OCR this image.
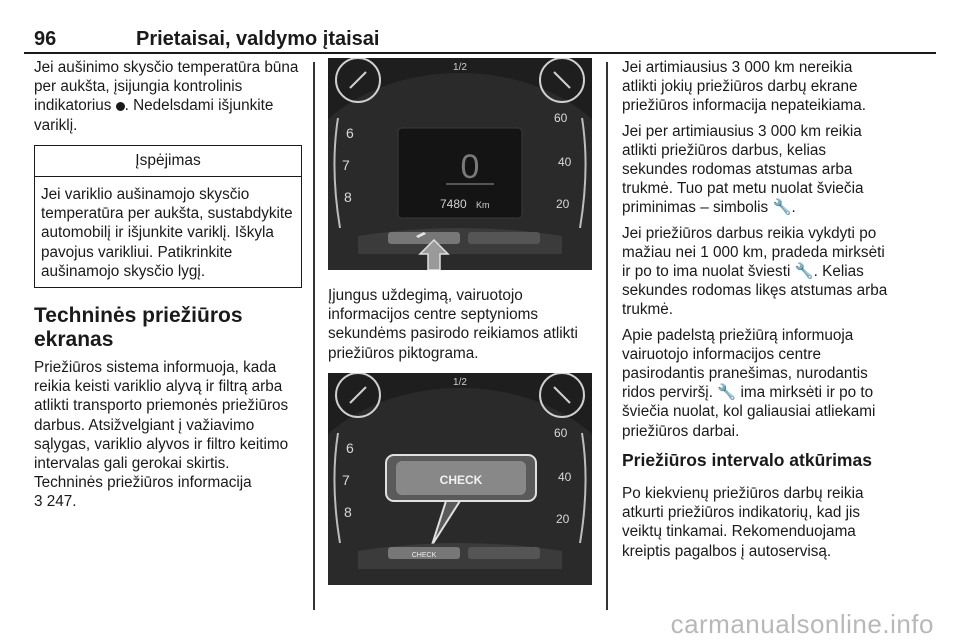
96	Prietaisai, valdymo įtaisai

Jei aušinimo skysčio temperatūra būna per aukšta, įsijungia kontrolinis indikatorius . Nedelsdami išjunkite variklį.

Įspėjimas
Jei variklio aušinamojo skysčio temperatūra per aukšta, sustabdykite automobilį ir išjunkite variklį. Iškyla pavojus varikliui. Patikrinkite aušinamojo skysčio lygį.
Techninės priežiūros ekranas

Priežiūros sistema informuoja, kada reikia keisti variklio alyvą ir filtrą arba atlikti transporto priemonės priežiūros darbus. Atsižvelgiant į važiavimo sąlygas, variklio alyvos ir filtro keitimo intervalas gali gerokai skirtis.

Techninės priežiūros informacija
3 247.

1/2
6
7
8
60
40
20
0
7480 Km

Įjungus uždegimą, vairuotojo informacijos centre septynioms sekundėms pasirodo reikiamos atlikti priežiūros piktograma.

1/2
6
7
8
60
40
20
CHECK
CHECK

Jei artimiausius 3 000 km nereikia atlikti jokių priežiūros darbų ekrane priežiūros informacija nepateikiama.

Jei per artimiausius 3 000 km reikia atlikti priežiūros darbus, kelias sekundes rodomas atstumas arba trukmė. Tuo pat metu nuolat šviečia priminimas – simbolis 🔧.

Jei priežiūros darbus reikia vykdyti po mažiau nei 1 000 km, pradeda mirksėti ir po to ima nuolat šviesti 🔧. Kelias sekundes rodomas likęs atstumas arba trukmė.

Apie padelstą priežiūrą informuoja vairuotojo informacijos centre pasirodantis pranešimas, nurodantis ridos perviršį. 🔧 ima mirksėti ir po to šviečia nuolat, kol galiausiai atliekami priežiūros darbai.

Priežiūros intervalo atkūrimas

Po kiekvienų priežiūros darbų reikia atkurti priežiūros indikatorių, kad jis veiktų tinkamai. Rekomenduojama kreiptis pagalbos į autoservisą.

carmanualsonline.info
